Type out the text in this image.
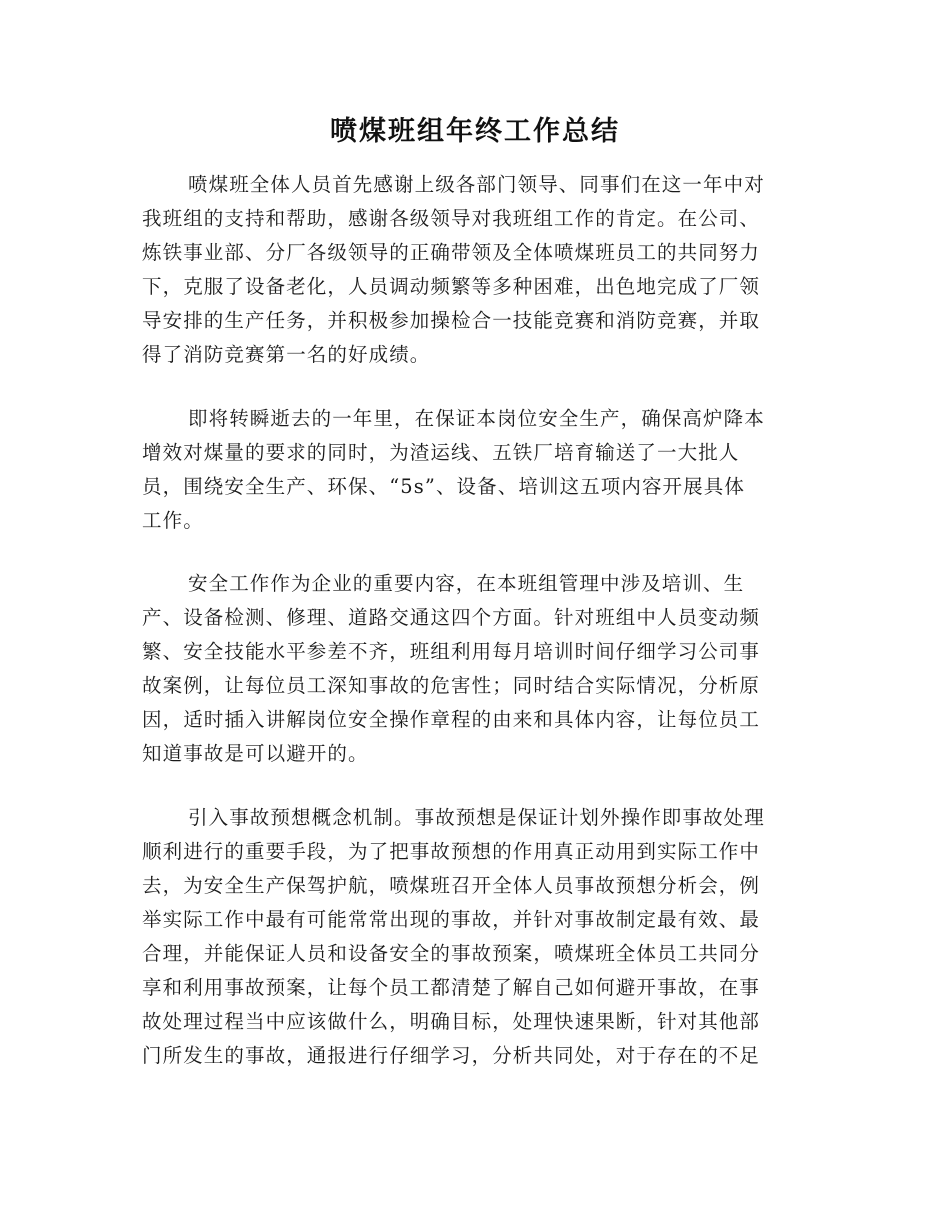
喷煤班组年终工作总结
喷煤班全体人员首先感谢上级各部门领导、同事们在这一年中对
我班组的支持和帮助，感谢各级领导对我班组工作的肯定。在公司、
炼铁事业部、分厂各级领导的正确带领及全体喷煤班员工的共同努力
下，克服了设备老化，人员调动频繁等多种困难，出色地完成了厂领
导安排的生产任务，并积极参加操检合一技能竞赛和消防竞赛，并取
得了消防竞赛第一名的好成绩。
即将转瞬逝去的一年里，在保证本岗位安全生产，确保高炉降本
增效对煤量的要求的同时，为渣运线、五铁厂培育输送了一大批人
员，围绕安全生产、环保、“5s”、设备、培训这五项内容开展具体
工作。
安全工作作为企业的重要内容，在本班组管理中涉及培训、生
产、设备检测、修理、道路交通这四个方面。针对班组中人员变动频
繁、安全技能水平参差不齐，班组利用每月培训时间仔细学习公司事
故案例，让每位员工深知事故的危害性；同时结合实际情况，分析原
因，适时插入讲解岗位安全操作章程的由来和具体内容，让每位员工
知道事故是可以避开的。
引入事故预想概念机制。事故预想是保证计划外操作即事故处理
顺利进行的重要手段，为了把事故预想的作用真正动用到实际工作中
去，为安全生产保驾护航，喷煤班召开全体人员事故预想分析会，例
举实际工作中最有可能常常出现的事故，并针对事故制定最有效、最
合理，并能保证人员和设备安全的事故预案，喷煤班全体员工共同分
享和利用事故预案，让每个员工都清楚了解自己如何避开事故，在事
故处理过程当中应该做什么，明确目标，处理快速果断，针对其他部
门所发生的事故，通报进行仔细学习，分析共同处，对于存在的不足
